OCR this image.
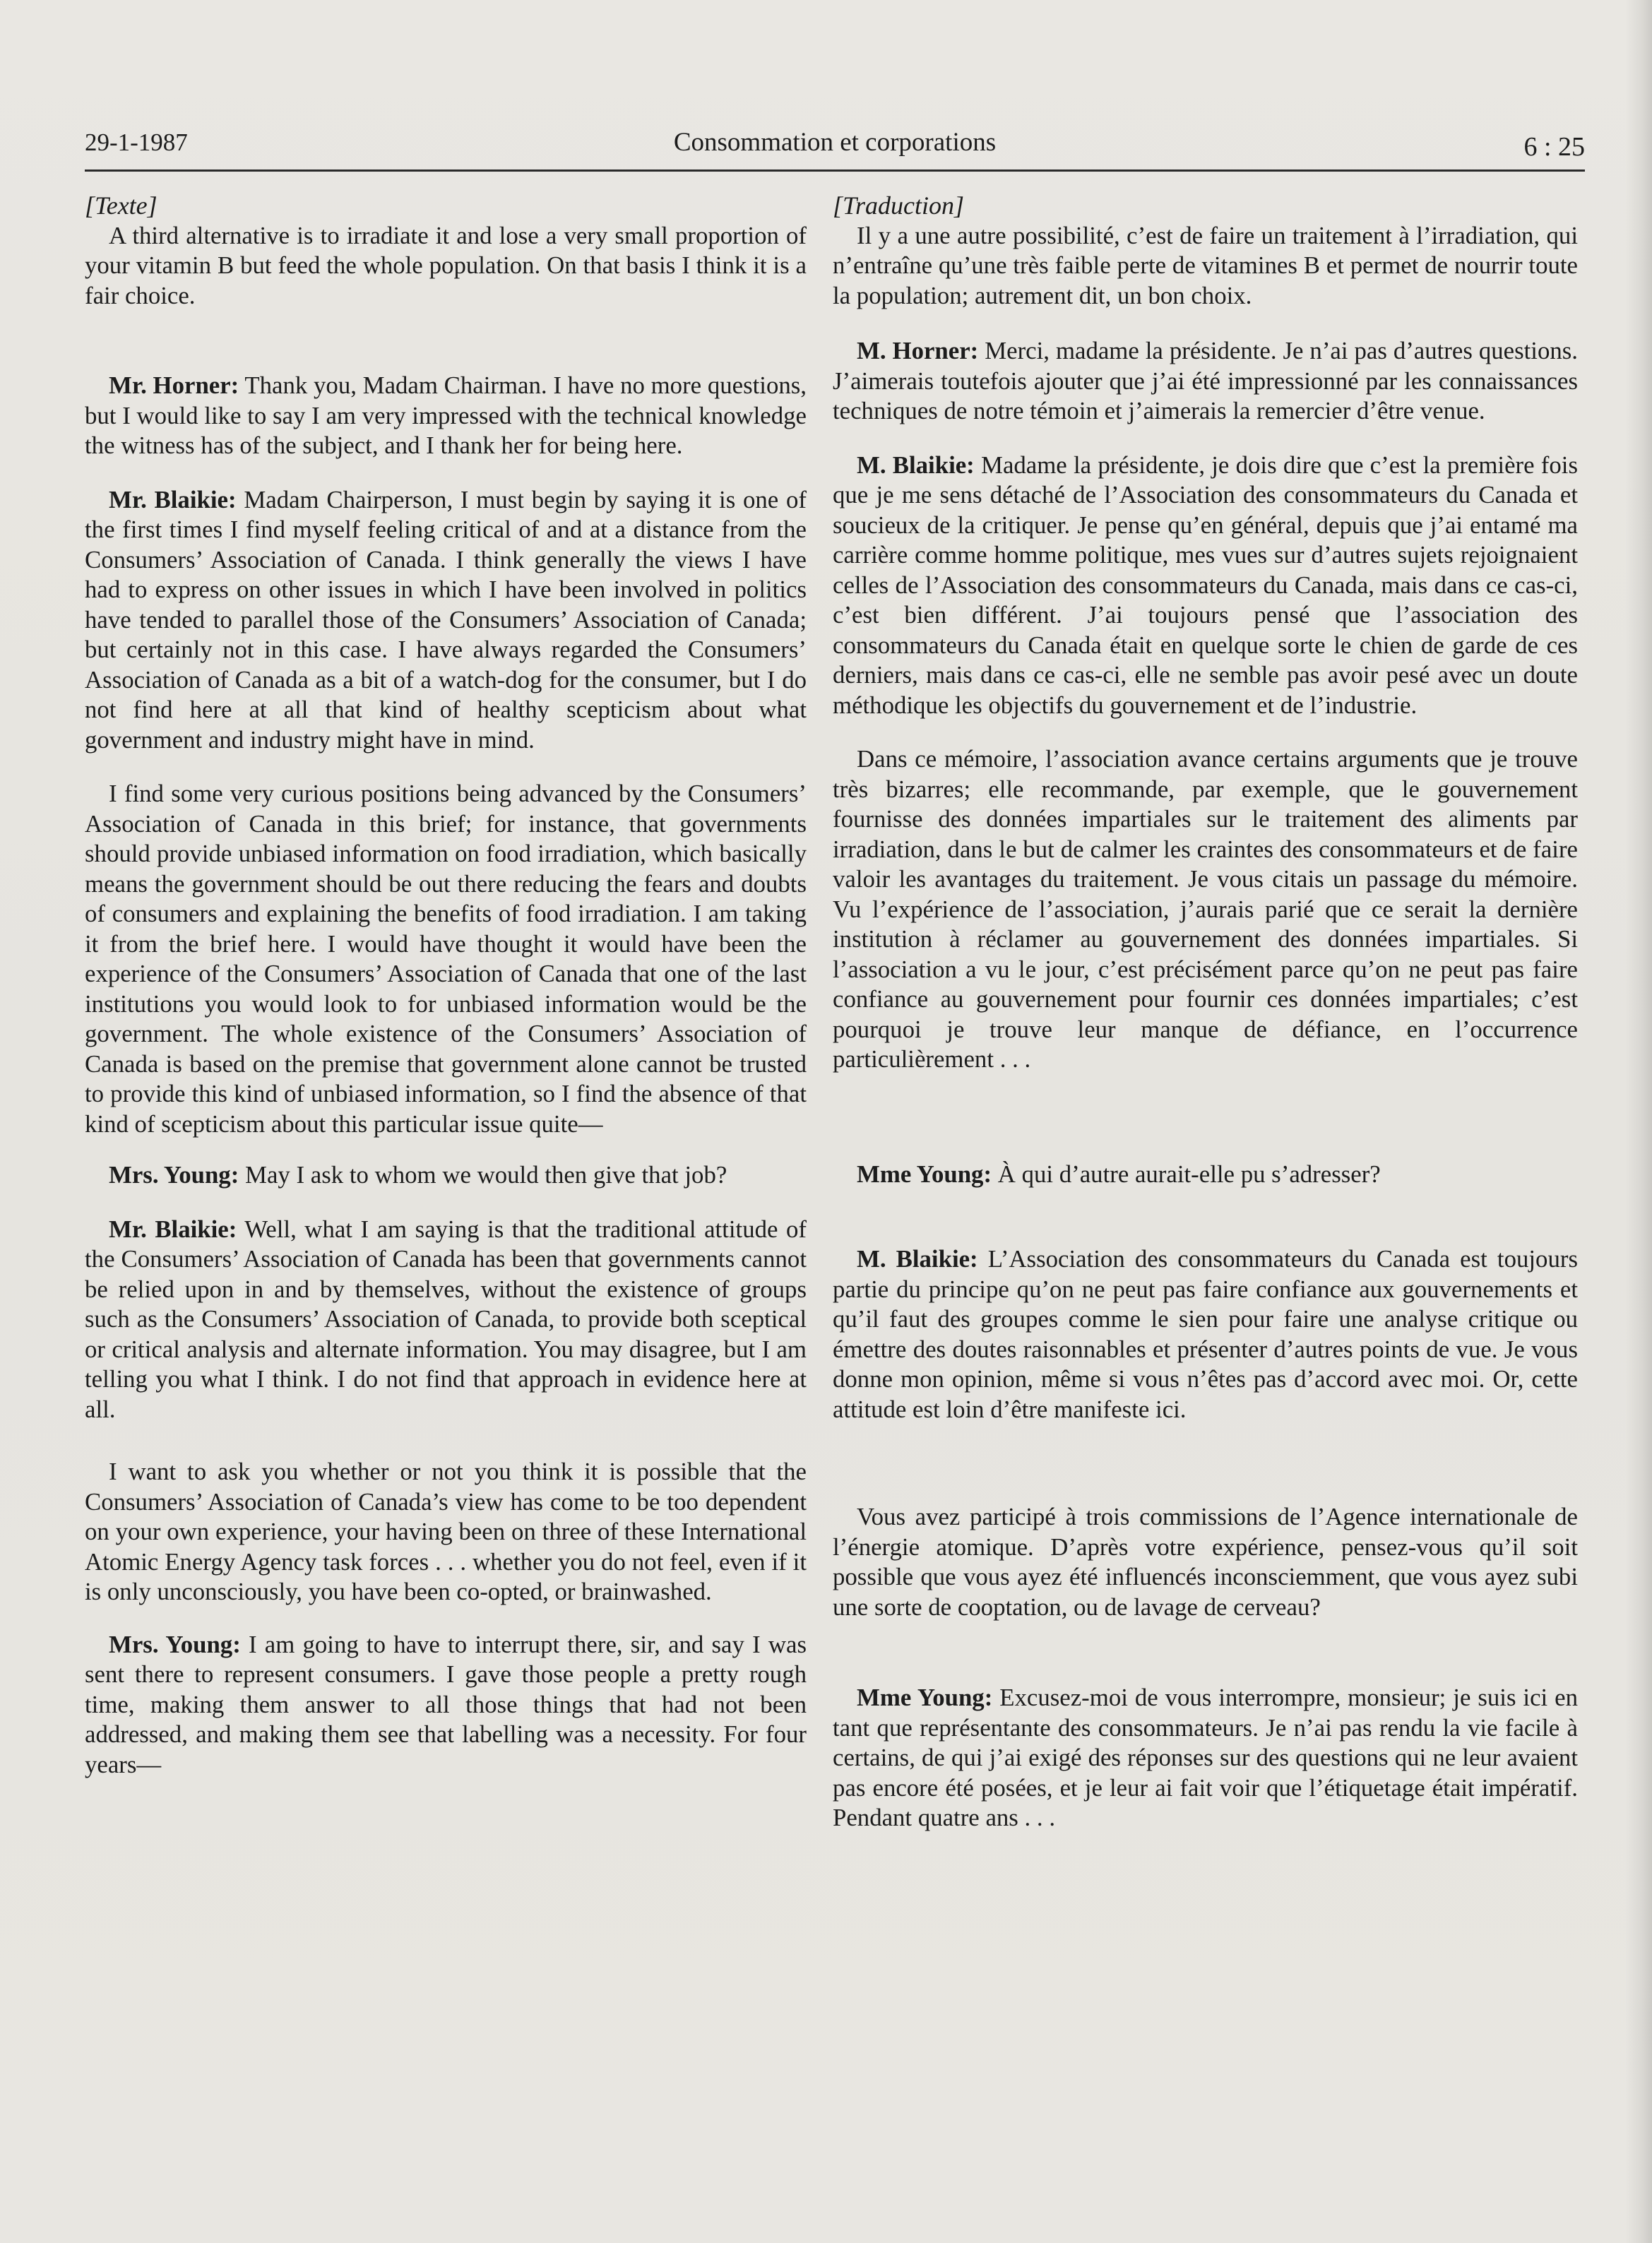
29-1-1987	Consommation et corporations	6 : 25

[Texte]

A third alternative is to irradiate it and lose a very small proportion of your vitamin B but feed the whole population. On that basis I think it is a fair choice.

Mr. Horner: Thank you, Madam Chairman. I have no more questions, but I would like to say I am very impressed with the technical knowledge the witness has of the subject, and I thank her for being here.

Mr. Blaikie: Madam Chairperson, I must begin by saying it is one of the first times I find myself feeling critical of and at a distance from the Consumers’ Association of Canada. I think generally the views I have had to express on other issues in which I have been involved in politics have tended to parallel those of the Consumers’ Association of Canada; but certainly not in this case. I have always regarded the Consumers’ Association of Canada as a bit of a watch-dog for the consumer, but I do not find here at all that kind of healthy scepticism about what government and industry might have in mind.

I find some very curious positions being advanced by the Consumers’ Association of Canada in this brief; for instance, that governments should provide unbiased information on food irradiation, which basically means the government should be out there reducing the fears and doubts of consumers and explaining the benefits of food irradiation. I am taking it from the brief here. I would have thought it would have been the experience of the Consumers’ Association of Canada that one of the last institutions you would look to for unbiased information would be the government. The whole existence of the Consumers’ Association of Canada is based on the premise that government alone cannot be trusted to provide this kind of unbiased information, so I find the absence of that kind of scepticism about this particular issue quite—

Mrs. Young: May I ask to whom we would then give that job?

Mr. Blaikie: Well, what I am saying is that the traditional attitude of the Consumers’ Association of Canada has been that governments cannot be relied upon in and by themselves, without the existence of groups such as the Consumers’ Association of Canada, to provide both sceptical or critical analysis and alternate information. You may disagree, but I am telling you what I think. I do not find that approach in evidence here at all.

I want to ask you whether or not you think it is possible that the Consumers’ Association of Canada’s view has come to be too dependent on your own experience, your having been on three of these International Atomic Energy Agency task forces . . . whether you do not feel, even if it is only unconsciously, you have been co-opted, or brainwashed.

Mrs. Young: I am going to have to interrupt there, sir, and say I was sent there to represent consumers. I gave those people a pretty rough time, making them answer to all those things that had not been addressed, and making them see that labelling was a necessity. For four years—

[Traduction]

Il y a une autre possibilité, c’est de faire un traitement à l’irradiation, qui n’entraîne qu’une très faible perte de vitamines B et permet de nourrir toute la population; autrement dit, un bon choix.

M. Horner: Merci, madame la présidente. Je n’ai pas d’autres questions. J’aimerais toutefois ajouter que j’ai été impressionné par les connaissances techniques de notre témoin et j’aimerais la remercier d’être venue.

M. Blaikie: Madame la présidente, je dois dire que c’est la première fois que je me sens détaché de l’Association des consommateurs du Canada et soucieux de la critiquer. Je pense qu’en général, depuis que j’ai entamé ma carrière comme homme politique, mes vues sur d’autres sujets rejoignaient celles de l’Association des consommateurs du Canada, mais dans ce cas-ci, c’est bien différent. J’ai toujours pensé que l’association des consommateurs du Canada était en quelque sorte le chien de garde de ces derniers, mais dans ce cas-ci, elle ne semble pas avoir pesé avec un doute méthodique les objectifs du gouvernement et de l’industrie.

Dans ce mémoire, l’association avance certains arguments que je trouve très bizarres; elle recommande, par exemple, que le gouvernement fournisse des données impartiales sur le traitement des aliments par irradiation, dans le but de calmer les craintes des consommateurs et de faire valoir les avantages du traitement. Je vous citais un passage du mémoire. Vu l’expérience de l’association, j’aurais parié que ce serait la dernière institution à réclamer au gouvernement des données impartiales. Si l’association a vu le jour, c’est précisément parce qu’on ne peut pas faire confiance au gouvernement pour fournir ces données impartiales; c’est pourquoi je trouve leur manque de défiance, en l’occurrence particulièrement . . .

Mme Young: À qui d’autre aurait-elle pu s’adresser?

M. Blaikie: L’Association des consommateurs du Canada est toujours partie du principe qu’on ne peut pas faire confiance aux gouvernements et qu’il faut des groupes comme le sien pour faire une analyse critique ou émettre des doutes raisonnables et présenter d’autres points de vue. Je vous donne mon opinion, même si vous n’êtes pas d’accord avec moi. Or, cette attitude est loin d’être manifeste ici.

Vous avez participé à trois commissions de l’Agence internationale de l’énergie atomique. D’après votre expérience, pensez-vous qu’il soit possible que vous ayez été influencés inconsciemment, que vous ayez subi une sorte de cooptation, ou de lavage de cerveau?

Mme Young: Excusez-moi de vous interrompre, monsieur; je suis ici en tant que représentante des consommateurs. Je n’ai pas rendu la vie facile à certains, de qui j’ai exigé des réponses sur des questions qui ne leur avaient pas encore été posées, et je leur ai fait voir que l’étiquetage était impératif. Pendant quatre ans . . .
